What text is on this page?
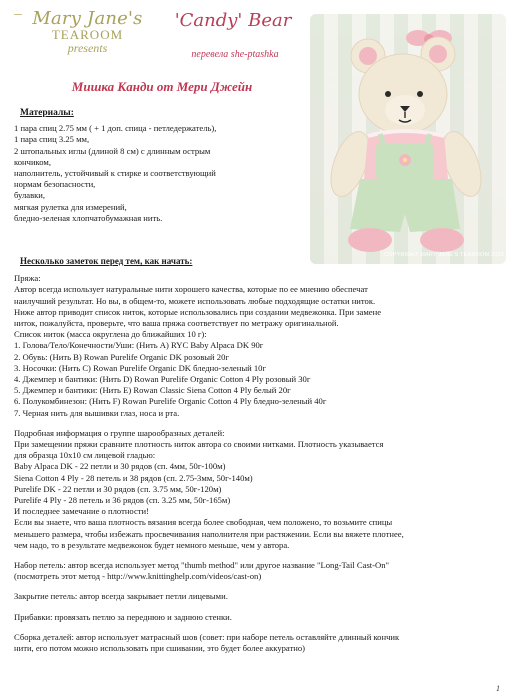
Mary Jane's
TEAROOM
presents
'Candy' Bear
перевела she-ptashka
Мишка Канди от Мери Джейн
COPYRIGHT MARY JANE'S TEAROOM 2010
Материалы:
1 пара спиц 2.75 мм ( + 1 доп. спица - петледержатель),
1 пара спиц 3.25 мм,
2 штопальных иглы (длиной 8 см) с длинным острым
кончиком,
наполнитель, устойчивый к стирке и соответствующий
нормам безопасности,
булавки,
мягкая рулетка для измерений,
бледно-зеленая хлопчатобумажная нить.
Несколько заметок перед тем, как начать:
Пряжа:
Автор всегда использует натуральные нити хорошего качества, которые по ее мнению обеспечат
наилучший результат. Но вы, в общем-то, можете использовать любые подходящие остатки ниток.
Ниже автор приводит список ниток, которые использовались при создании медвежонка. При замене
ниток, пожалуйста, проверьте, что ваша пряжа соответствует по метражу оригинальной.
Список ниток (масса округлена до ближайших 10 г):
1. Голова/Тело/Конечности/Уши: (Нить A) RYC Baby Alpaca DK 90г
2. Обувь: (Нить B) Rowan Purelife Organic DK розовый 20г
3. Носочки: (Нить C) Rowan Purelife Organic DK бледно-зеленый 10г
4. Джемпер и бантики: (Нить D) Rowan Purelife Organic Cotton 4 Ply розовый 30г
5. Джемпер и бантики: (Нить E) Rowan Classic Siena Cotton 4 Ply белый 20г
6. Полукомбинезон: (Нить F) Rowan Purelife Organic Cotton 4 Ply бледно-зеленый 40г
7. Черная нить для вышивки глаз, носа и рта.
Подробная информация о группе шарообразных деталей:
При замещении пряжи сравните плотность ниток автора со своими нитками. Плотность указывается
для образца 10х10 см лицевой гладью:
Baby Alpaca DK - 22 петли и 30 рядов (сп. 4мм, 50г-100м)
Siena Cotton 4 Ply - 28 петель и 38 рядов (сп. 2.75-3мм, 50г-140м)
Purelife DK - 22 петли и 30 рядов (сп. 3.75 мм, 50г-120м)
Purelife 4 Ply - 28 петель и 36 рядов (сп. 3.25 мм, 50г-165м)
И последнее замечание о плотности!
Если вы знаете, что ваша плотность вязания всегда более свободная, чем положено, то возьмите спицы
меньшего размера, чтобы избежать просвечивания наполнителя при растяжении. Если вы вяжете плотнее,
чем надо, то в результате медвежонок будет немного меньше, чем у автора.
Набор петель: автор всегда использует метод "thumb method" или другое название "Long-Tail Cast-On"
(посмотреть этот метод - http://www.knittinghelp.com/videos/cast-on)
Закрытие петель: автор всегда закрывает петли лицевыми.
Прибавки: провязать петлю за переднюю и заднюю стенки.
Сборка деталей: автор использует матрасный шов (совет: при наборе петель оставляйте длинный кончик
нити, его потом можно использовать при сшивании, это будет более аккуратно)
1
